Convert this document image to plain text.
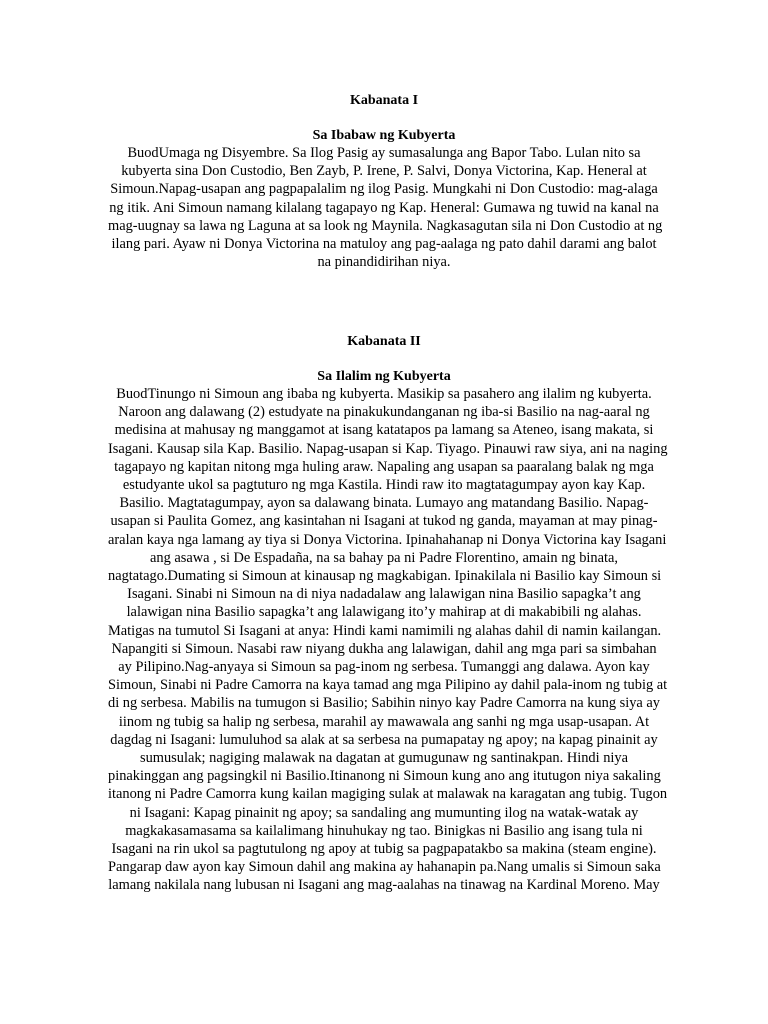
Kabanata I
Sa Ibabaw ng Kubyerta

BuodUmaga ng Disyembre. Sa Ilog Pasig ay sumasalunga ang Bapor Tabo. Lulan nito sa
kubyerta sina Don Custodio, Ben Zayb, P. Irene, P. Salvi, Donya Victorina, Kap. Heneral at
Simoun.Napag-usapan ang pagpapalalim ng ilog Pasig. Mungkahi ni Don Custodio: mag-alaga
ng itik. Ani Simoun namang kilalang tagapayo ng Kap. Heneral: Gumawa ng tuwid na kanal na
mag-uugnay sa lawa ng Laguna at sa look ng Maynila. Nagkasagutan sila ni Don Custodio at ng
ilang pari. Ayaw ni Donya Victorina na matuloy ang pag-aalaga ng pato dahil darami ang balot
na pinandidirihan niya.

Kabanata II
Sa Ilalim ng Kubyerta

BuodTinungo ni Simoun ang ibaba ng kubyerta. Masikip sa pasahero ang ilalim ng kubyerta.
Naroon ang dalawang (2) estudyate na pinakukundanganan ng iba-si Basilio na nag-aaral ng
medisina at mahusay ng manggamot at isang katatapos pa lamang sa Ateneo, isang makata, si
Isagani. Kausap sila Kap. Basilio. Napag-usapan si Kap. Tiyago. Pinauwi raw siya, ani na naging
tagapayo ng kapitan nitong mga huling araw. Napaling ang usapan sa paaralang balak ng mga
estudyante ukol sa pagtuturo ng mga Kastila. Hindi raw ito magtatagumpay ayon kay Kap.
Basilio. Magtatagumpay, ayon sa dalawang binata. Lumayo ang matandang Basilio. Napag-
usapan si Paulita Gomez, ang kasintahan ni Isagani at tukod ng ganda, mayaman at may pinag-
aralan kaya nga lamang ay tiya si Donya Victorina. Ipinahahanap ni Donya Victorina kay Isagani
ang asawa , si De Espadaña, na sa bahay pa ni Padre Florentino, amain ng binata,
nagtatago.Dumating si Simoun at kinausap ng magkabigan. Ipinakilala ni Basilio kay Simoun si
Isagani. Sinabi ni Simoun na di niya nadadalaw ang lalawigan nina Basilio sapagka’t ang
lalawigan nina Basilio sapagka’t ang lalawigang ito’y mahirap at di makabibili ng alahas.
Matigas na tumutol Si Isagani at anya: Hindi kami namimili ng alahas dahil di namin kailangan.
Napangiti si Simoun. Nasabi raw niyang dukha ang lalawigan, dahil ang mga pari sa simbahan
ay Pilipino.Nag-anyaya si Simoun sa pag-inom ng serbesa. Tumanggi ang dalawa. Ayon kay
Simoun, Sinabi ni Padre Camorra na kaya tamad ang mga Pilipino ay dahil pala-inom ng tubig at
di ng serbesa. Mabilis na tumugon si Basilio; Sabihin ninyo kay Padre Camorra na kung siya ay
iinom ng tubig sa halip ng serbesa, marahil ay mawawala ang sanhi ng mga usap-usapan. At
dagdag ni Isagani: lumuluhod sa alak at sa serbesa na pumapatay ng apoy; na kapag pinainit ay
sumusulak; nagiging malawak na dagatan at gumugunaw ng santinakpan. Hindi niya
pinakinggan ang pagsingkil ni Basilio.Itinanong ni Simoun kung ano ang itutugon niya sakaling
itanong ni Padre Camorra kung kailan magiging sulak at malawak na karagatan ang tubig. Tugon
ni Isagani: Kapag pinainit ng apoy; sa sandaling ang mumunting ilog na watak-watak ay
magkakasamasama sa kailalimang hinuhukay ng tao. Binigkas ni Basilio ang isang tula ni
Isagani na rin ukol sa pagtutulong ng apoy at tubig sa pagpapatakbo sa makina (steam engine).
Pangarap daw ayon kay Simoun dahil ang makina ay hahanapin pa.Nang umalis si Simoun saka
lamang nakilala nang lubusan ni Isagani ang mag-aalahas na tinawag na Kardinal Moreno. May
